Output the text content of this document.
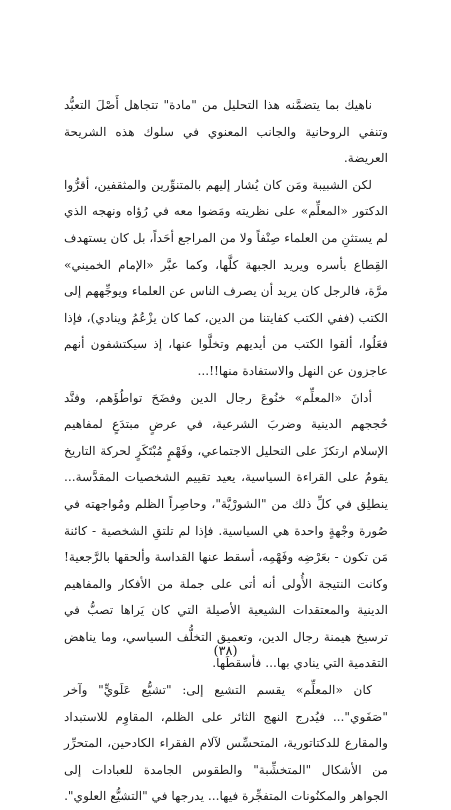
ناهيك بما يتضمَّنه هذا التحليل من "مادة" تتجاهل أَصْلَ التعبُّد وتنفي الروحانية والجانب المعنوي في سلوك هذه الشريحة العريضة.

لكن الشبيبة ومَن كان يُشار إليهم بالمتنوِّرين والمثقفين، أقرُّوا الدكتور «المعلِّم» على نظريته ومَضوا معه في رُؤاه ونهجه الذي لم يستثنِ من العلماء صِنْفاً ولا من المراجع أحَداً، بل كان يستهدف القِطاع بأسره ويريد الجبهة كلَّها، وكما عبَّر «الإمام الخميني» مرَّة، فالرجل كان يريد أن يصرف الناس عن العلماء ويوجِّههم إلى الكتب (ففي الكتب كفايتنا من الدين، كما كان يزْعُمُ وينادي)، فإذا فعَلُوا، ألقوا الكتب من أيديهم وتخلَّوا عنها، إذ سيكتشفون أنهم عاجزون عن النهل والاستفادة منها!!...

أدانَ «المعلِّم» خنُوعَ رجال الدين وفضَحَ تواطُؤَهم، وفنَّد حُججهم الدينية وضربَ الشرعية، في عرضٍ مبتدَعٍ لمفاهيم الإسلام ارتكزَ على التحليل الاجتماعي، وفَهْمٍ مُبْتَكَرٍ لحركة التاريخ يقومُ على القراءة السياسية، يعيد تقييم الشخصيات المقدَّسة... ينطلِق في كلِّ ذلك من "الشورْيَّة"، وحاصِراً الظلم ومُواجهته في صُورة وجْهةٍ واحدة هي السياسية. فإذا لم تلتقِ الشخصية - كائنة مَن تكون - بعَرْضِه وفَهْمِه، أسقط عنها القداسة وألحقها بالرَّجعية! وكانت النتيجة الأُولى أنه أتى على جملة من الأفكار والمفاهيم الدينية والمعتقدات الشيعية الأصيلة التي كان يَراها تصبُّ في ترسيخ هيمنة رجال الدين، وتعميق التخلُّف السياسي، وما يناهض التقدمية التي ينادي بها... فأسقطَها.

كان «المعلِّم» يقسم التشيع إلى: "تشيُّع عَلَويٍّ" وآخر "صَفَوي"... فيُدرج النهج الثائر على الظلم، المقاوِم للاستبداد والمقارع للدكتاتورية، المتحسِّس لآلام الفقراء الكادحين، المتحرِّر من الأشكال "المتخشِّبة" والطقوس الجامدة للعبادات إلى الجواهر والمكنُونات المتفجِّرة فيها... يدرجها في "التشيُّع العلوي".

(٣٨)
